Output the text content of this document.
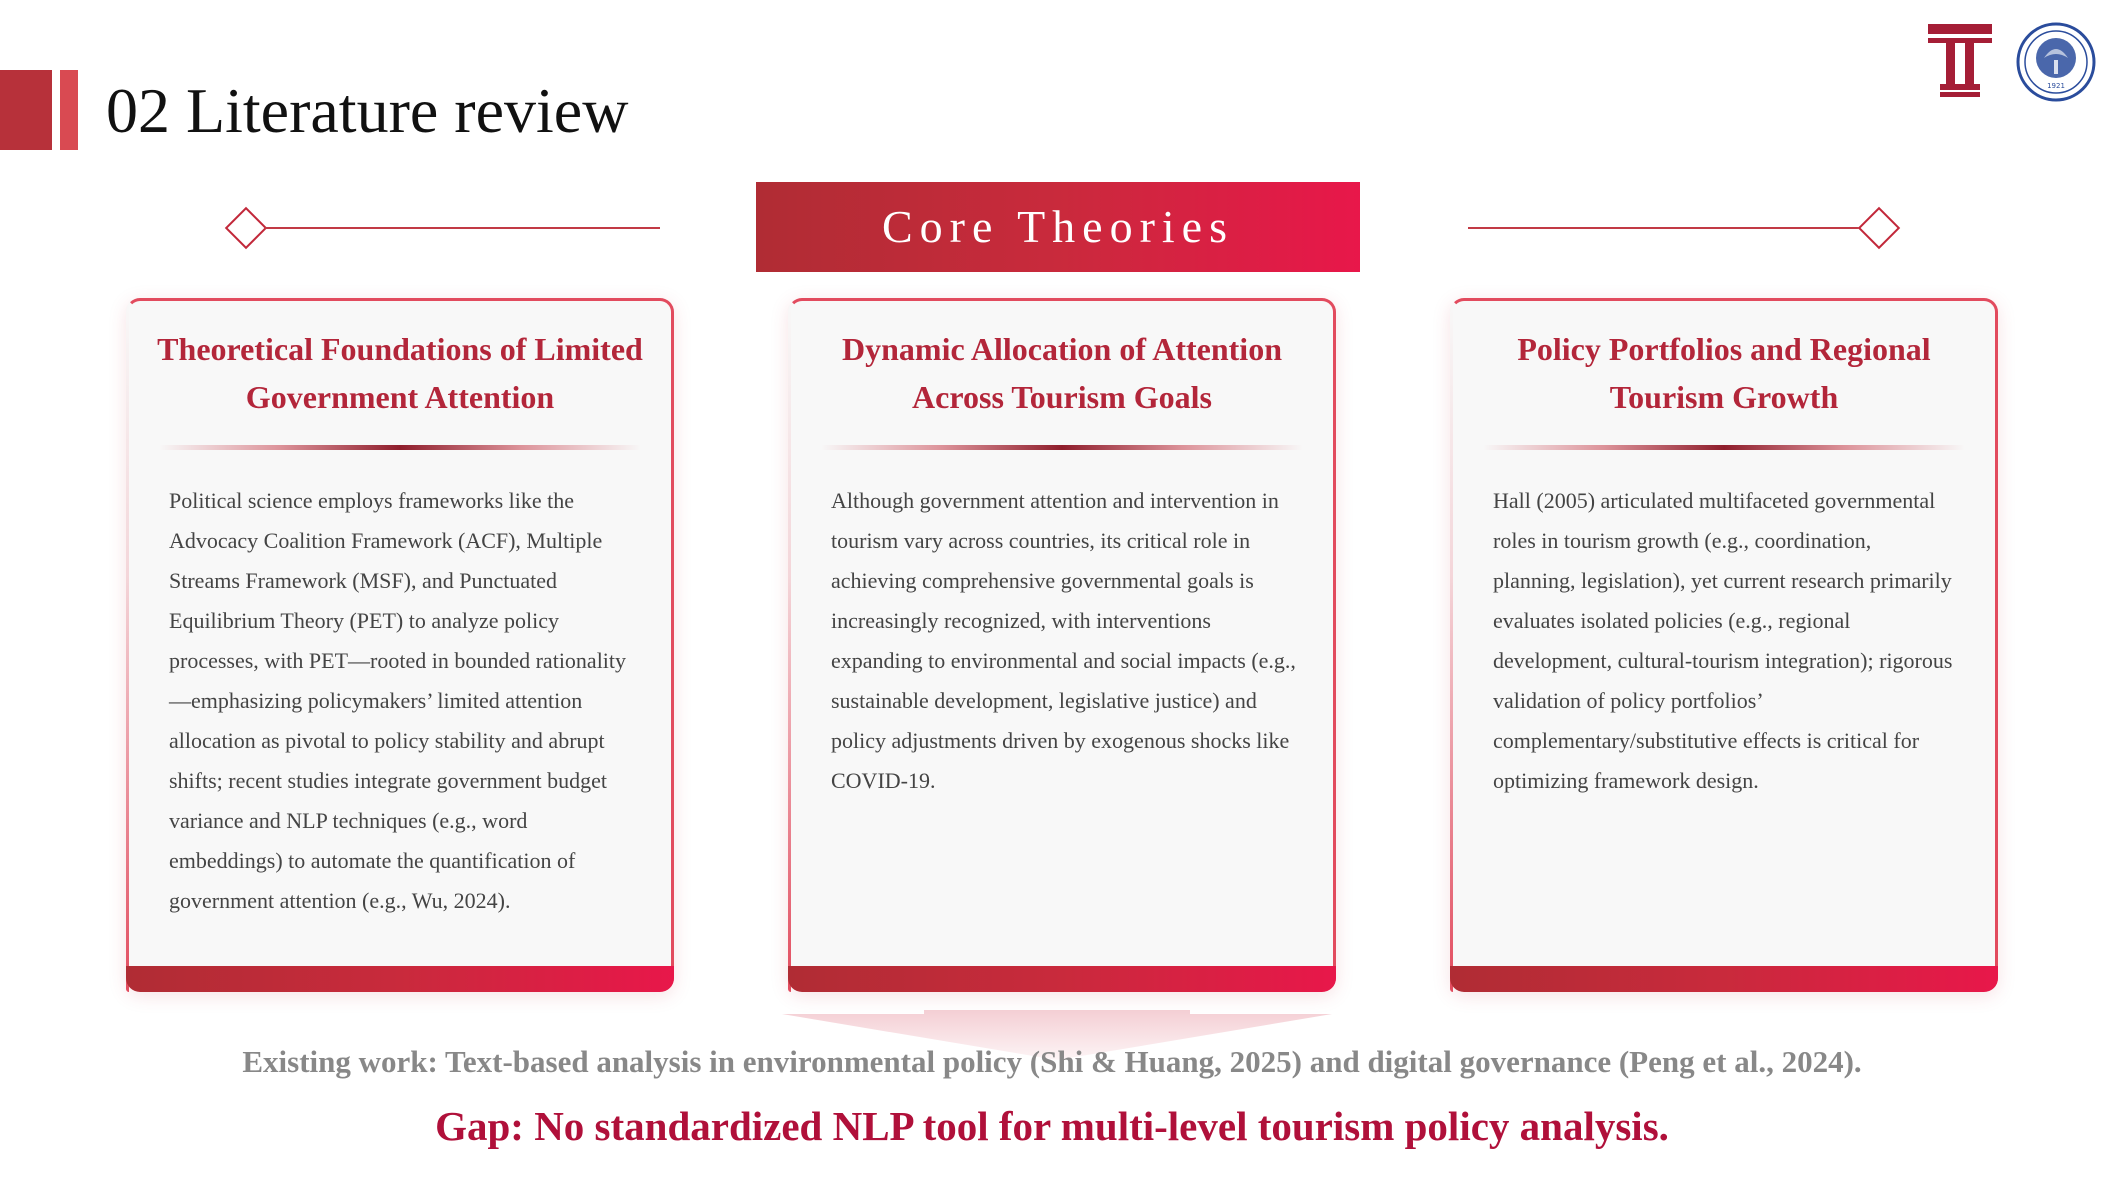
02 Literature review	1921
Core Theories
Theoretical Foundations of Limited Government Attention
Political science employs frameworks like the Advocacy Coalition Framework (ACF), Multiple Streams Framework (MSF), and Punctuated Equilibrium Theory (PET) to analyze policy processes, with PET—rooted in bounded rationality—emphasizing policymakers’ limited attention allocation as pivotal to policy stability and abrupt shifts; recent studies integrate government budget variance and NLP techniques (e.g., word embeddings) to automate the quantification of government attention (e.g., Wu, 2024).
Dynamic Allocation of Attention Across Tourism Goals
Although government attention and intervention in tourism vary across countries, its critical role in achieving comprehensive governmental goals is increasingly recognized, with interventions expanding to environmental and social impacts (e.g., sustainable development, legislative justice) and policy adjustments driven by exogenous shocks like COVID-19.
Policy Portfolios and Regional Tourism Growth
Hall (2005) articulated multifaceted governmental roles in tourism growth (e.g., coordination, planning, legislation), yet current research primarily evaluates isolated policies (e.g., regional development, cultural-tourism integration); rigorous validation of policy portfolios’ complementary/substitutive effects is critical for optimizing framework design.
Existing work: Text-based analysis in environmental policy (Shi & Huang, 2025) and digital governance (Peng et al., 2024).
Gap: No standardized NLP tool for multi-level tourism policy analysis.
